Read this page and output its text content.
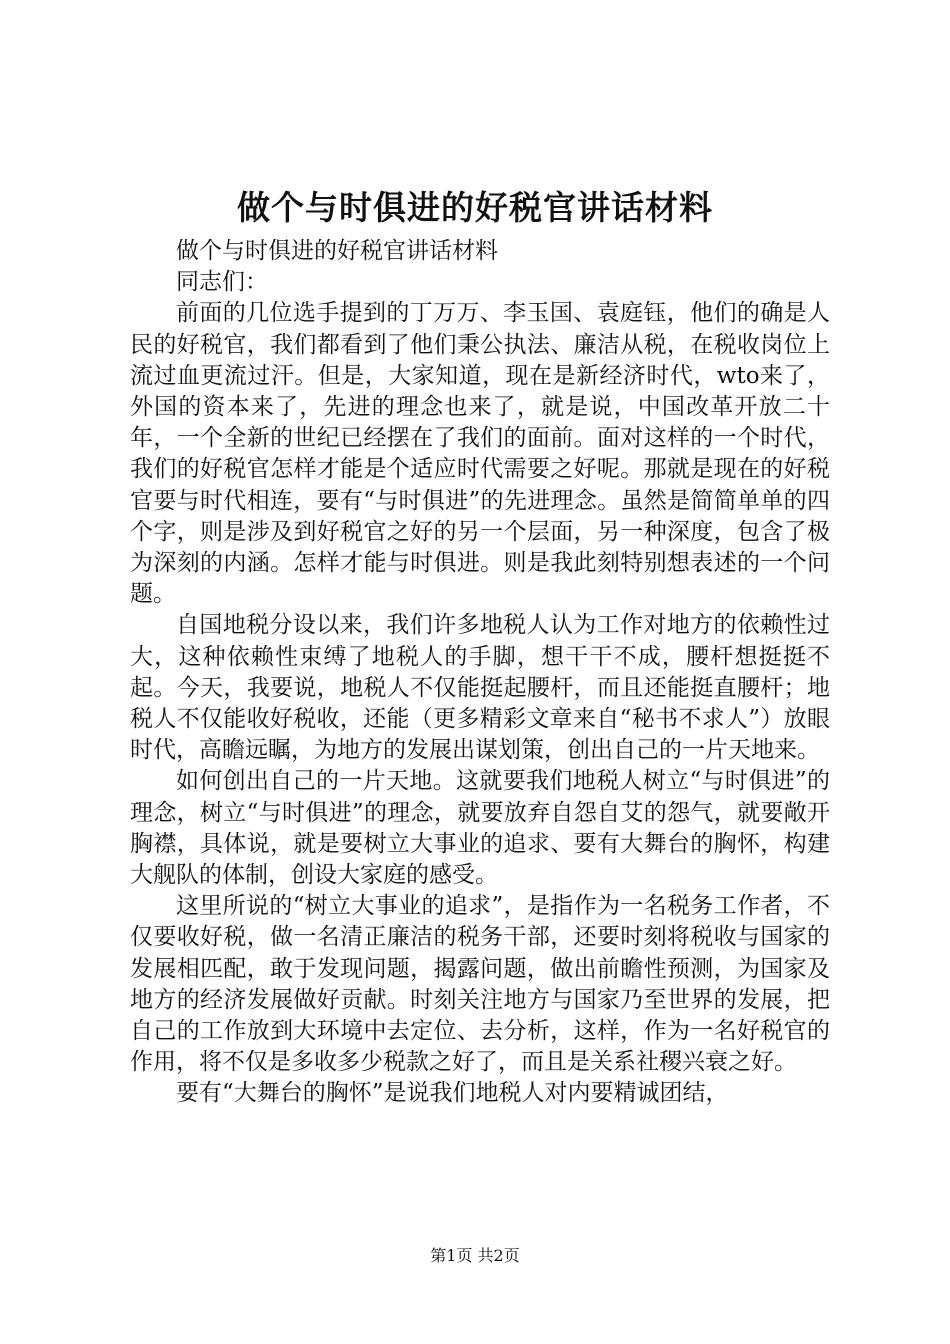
做个与时俱进的好税官讲话材料

做个与时俱进的好税官讲话材料

同志们：

前面的几位选手提到的丁万万、李玉国、袁庭钰，他们的确是人民的好税官，我们都看到了他们秉公执法、廉洁从税，在税收岗位上流过血更流过汗。但是，大家知道，现在是新经济时代，wto来了，外国的资本来了，先进的理念也来了，就是说，中国改革开放二十年，一个全新的世纪已经摆在了我们的面前。面对这样的一个时代，我们的好税官怎样才能是个适应时代需要之好呢。那就是现在的好税官要与时代相连，要有“与时俱进”的先进理念。虽然是简简单单的四个字，则是涉及到好税官之好的另一个层面，另一种深度，包含了极为深刻的内涵。怎样才能与时俱进。则是我此刻特别想表述的一个问题。

自国地税分设以来，我们许多地税人认为工作对地方的依赖性过大，这种依赖性束缚了地税人的手脚，想干干不成，腰杆想挺挺不起。今天，我要说，地税人不仅能挺起腰杆，而且还能挺直腰杆；地税人不仅能收好税收，还能（更多精彩文章来自“秘书不求人”）放眼时代，高瞻远瞩，为地方的发展出谋划策，创出自己的一片天地来。

如何创出自己的一片天地。这就要我们地税人树立“与时俱进”的理念，树立“与时俱进”的理念，就要放弃自怨自艾的怨气，就要敞开胸襟，具体说，就是要树立大事业的追求、要有大舞台的胸怀，构建大舰队的体制，创设大家庭的感受。

这里所说的“树立大事业的追求”，是指作为一名税务工作者，不仅要收好税，做一名清正廉洁的税务干部，还要时刻将税收与国家的发展相匹配，敢于发现问题，揭露问题，做出前瞻性预测，为国家及地方的经济发展做好贡献。时刻关注地方与国家乃至世界的发展，把自己的工作放到大环境中去定位、去分析，这样，作为一名好税官的作用，将不仅是多收多少税款之好了，而且是关系社稷兴衰之好。

要有“大舞台的胸怀”是说我们地税人对内要精诚团结，

第1页 共2页
